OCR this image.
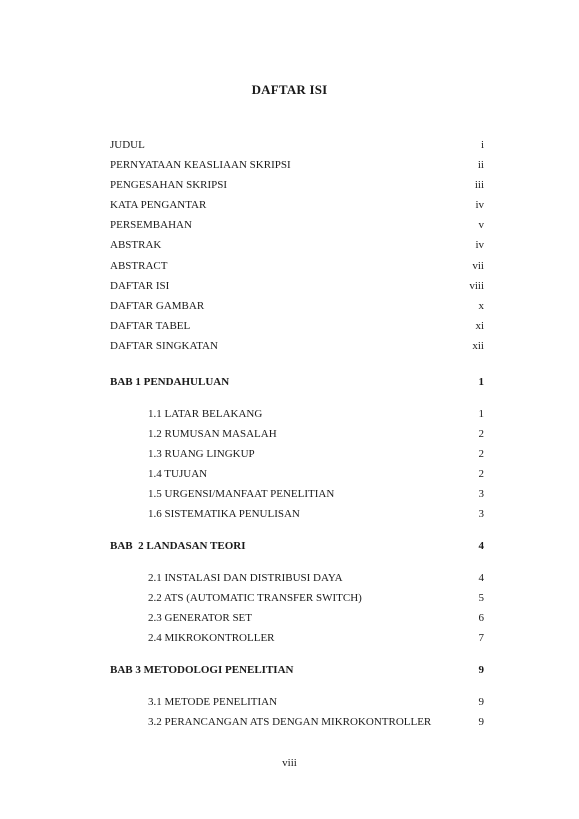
DAFTAR ISI
JUDUL	i
PERNYATAAN KEASLIAAN SKRIPSI	ii
PENGESAHAN SKRIPSI	iii
KATA PENGANTAR	iv
PERSEMBAHAN	v
ABSTRAK	iv
ABSTRACT	vii
DAFTAR ISI	viii
DAFTAR GAMBAR	x
DAFTAR TABEL	xi
DAFTAR SINGKATAN	xii
BAB 1 PENDAHULUAN	1
1.1 LATAR BELAKANG	1
1.2 RUMUSAN MASALAH	2
1.3 RUANG LINGKUP	2
1.4 TUJUAN	2
1.5 URGENSI/MANFAAT PENELITIAN	3
1.6 SISTEMATIKA PENULISAN	3
BAB  2 LANDASAN TEORI	4
2.1 INSTALASI DAN DISTRIBUSI DAYA	4
2.2 ATS (AUTOMATIC TRANSFER SWITCH)	5
2.3 GENERATOR SET	6
2.4 MIKROKONTROLLER	7
BAB 3 METODOLOGI PENELITIAN	9
3.1 METODE PENELITIAN	9
3.2 PERANCANGAN ATS DENGAN MIKROKONTROLLER	9
viii
